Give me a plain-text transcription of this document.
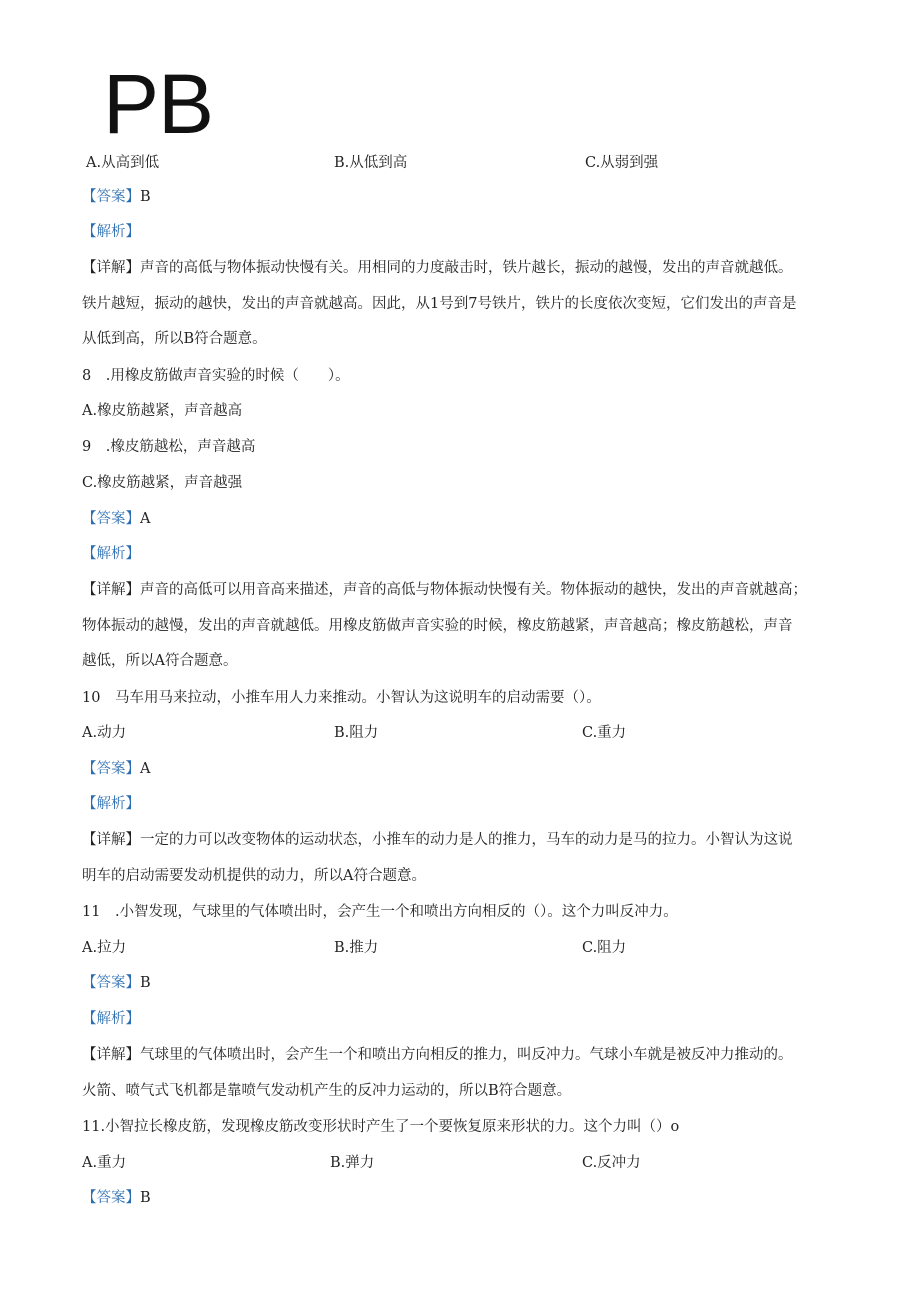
PB
A.从高到低	B.从低到高	C.从弱到强
【答案】B
【解析】
【详解】声音的高低与物体振动快慢有关。用相同的力度敲击时，铁片越长，振动的越慢，发出的声音就越低。
铁片越短，振动的越快，发出的声音就越高。因此，从1号到7号铁片，铁片的长度依次变短，它们发出的声音是
从低到高，所以B符合题意。
8　.用橡皮筋做声音实验的时候（　　）。
A.橡皮筋越紧，声音越高
9　.橡皮筋越松，声音越高
C.橡皮筋越紧，声音越强
【答案】A
【解析】
【详解】声音的高低可以用音高来描述，声音的高低与物体振动快慢有关。物体振动的越快，发出的声音就越高；
物体振动的越慢，发出的声音就越低。用橡皮筋做声音实验的时候，橡皮筋越紧，声音越高；橡皮筋越松，声音
越低，所以A符合题意。
10　马车用马来拉动，小推车用人力来推动。小智认为这说明车的启动需要（）。
A.动力	B.阻力	C.重力
【答案】A
【解析】
【详解】一定的力可以改变物体的运动状态，小推车的动力是人的推力，马车的动力是马的拉力。小智认为这说
明车的启动需要发动机提供的动力，所以A符合题意。
11　.小智发现，气球里的气体喷出时，会产生一个和喷出方向相反的（）。这个力叫反冲力。
A.拉力	B.推力	C.阻力
【答案】B
【解析】
【详解】气球里的气体喷出时，会产生一个和喷出方向相反的推力，叫反冲力。气球小车就是被反冲力推动的。
火箭、喷气式飞机都是靠喷气发动机产生的反冲力运动的，所以B符合题意。
11.小智拉长橡皮筋，发现橡皮筋改变形状时产生了一个要恢复原来形状的力。这个力叫（）o
A.重力	B.弹力	C.反冲力
【答案】B
